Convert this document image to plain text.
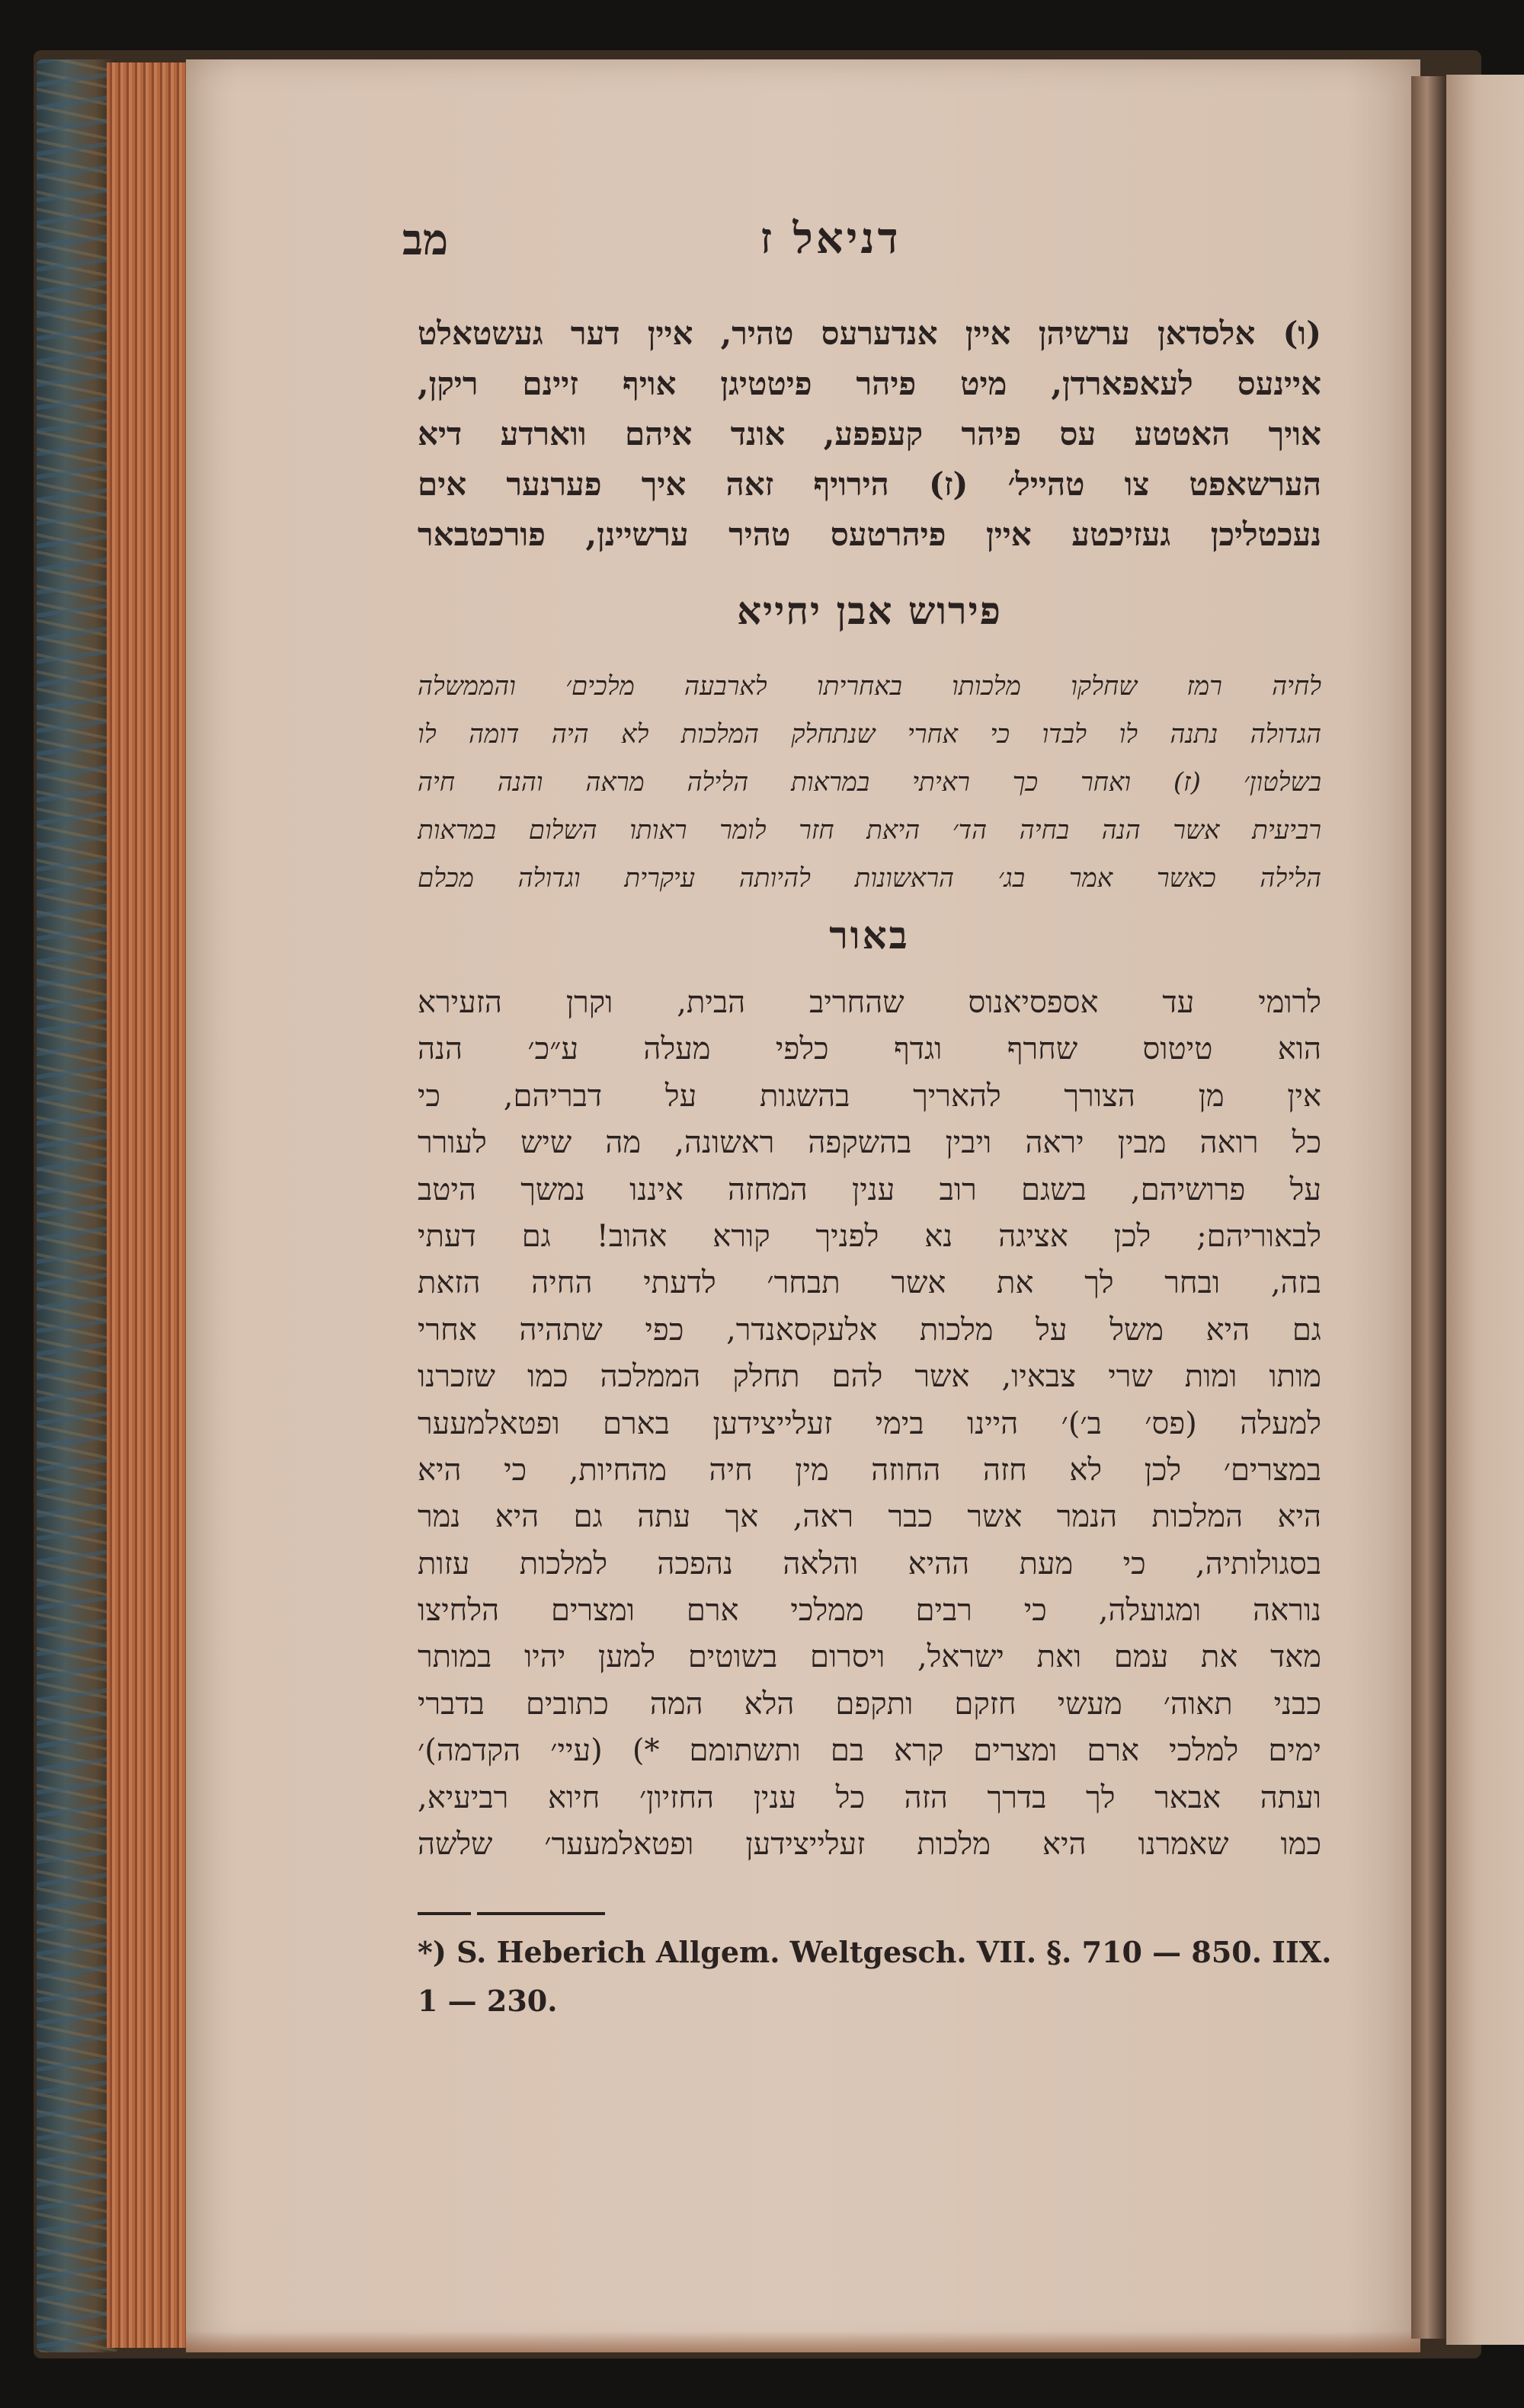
דניאל ז
מב
(ו) אלסדאן ערשיהן איין אנדערעס טהיר, איין דער געשטאלט
איינעס לעאפארדן, מיט פיהר פיטטיגן אויף זיינם ריקן,
אויך האטטע עס פיהר קעפפע, אונד איהם ווארדע דיא
הערשאפט צו טהייל׳ (ז) הירויף זאה איך פערנער אים
נעכטליכן געזיכטע איין פיהרטעס טהיר ערשיינן, פורכטבאר
פירוש אבן יחייא
לחיה רמז שחלקו מלכותו באחריתו לארבעה מלכים׳ והממשלה
הגדולה נתנה לו לבדו כי אחרי שנתחלק המלכות לא היה דומה לו
בשלטון׳ (ז) ואחר כך ראיתי במראות הלילה מראה והנה חיה
רביעית אשר הנה בחיה הד׳ היאת חזר לומר ראותו השלום במראות
הלילה כאשר אמר בג׳ הראשונות להיותה עיקרית וגדולה מכלם
באור
לרומי עד אספסיאנוס שהחריב הבית, וקרן הזעירא
הוא טיטוס שחרף וגדף כלפי מעלה ע״כ׳ הנה
אין מן הצורך להאריך בהשגות על דבריהם, כי
כל רואה מבין יראה ויבין בהשקפה ראשונה, מה שיש לעורר
על פרושיהם, בשגם רוב ענין המחזה איננו נמשך היטב
לבאוריהם; לכן אציגה נא לפניך קורא אהוב! גם דעתי
בזה, ובחר לך את אשר תבחר׳ לדעתי החיה הזאת
גם היא משל על מלכות אלעקסאנדר, כפי שתהיה אחרי
מותו ומות שרי צבאיו, אשר להם תחלק הממלכה כמו שזכרנו
למעלה (פס׳ ב׳)׳ היינו בימי זעלייצידען בארם ופטאלמעער
במצרים׳ לכן לא חזה החוזה מין חיה מהחיות, כי היא
היא המלכות הנמר אשר כבר ראה, אך עתה גם היא נמר
בסגולותיה, כי מעת ההיא והלאה נהפכה למלכות עזות
נוראה ומגועלה, כי רבים ממלכי ארם ומצרים הלחיצו
מאד את עמם ואת ישראל, ויסרום בשוטים למען יהיו במותר
כבני תאוה׳ מעשי חזקם ותקפם הלא המה כתובים בדברי
ימים למלכי ארם ומצרים קרא בם ותשתומם *) (עיי׳ הקדמה)׳
ועתה אבאר לך בדרך הזה כל ענין החזיון׳ חיוא רביעיא,
כמו שאמרנו היא מלכות זעלייצידען ופטאלמעער׳ שלשה
*) S. Heberich Allgem. Weltgesch. VII. §. 710 — 850. IIX.
1 — 230.
